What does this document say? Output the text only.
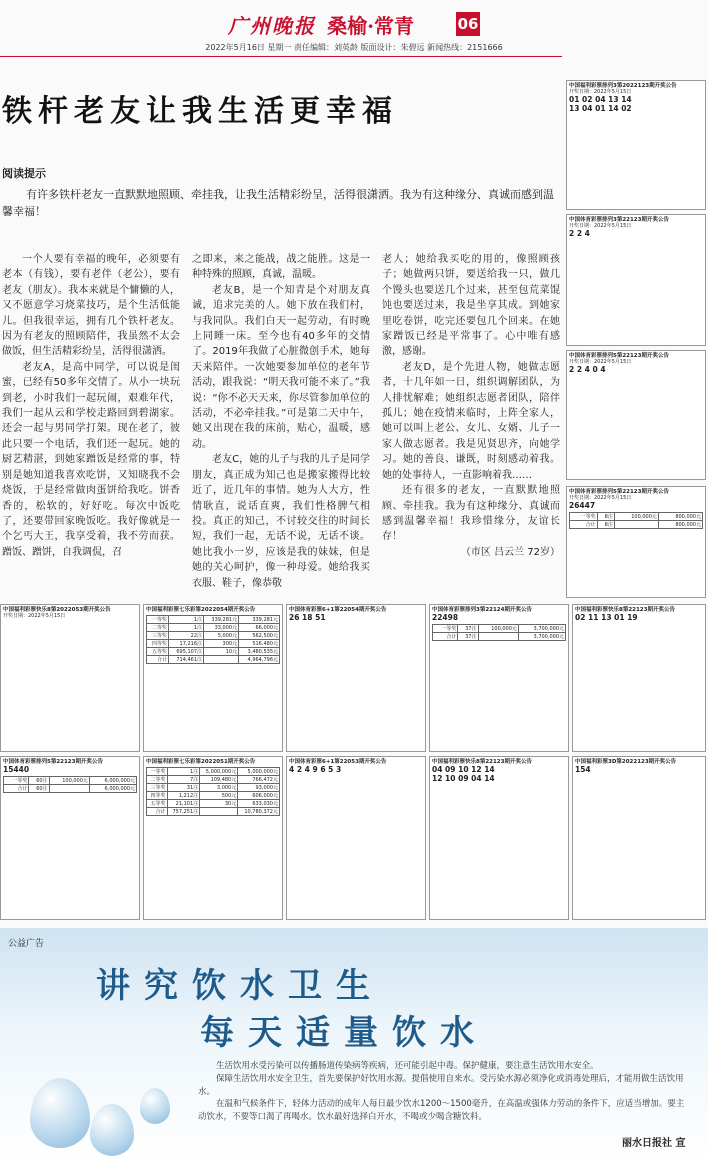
广州晚报 桑榆·常青	06
2022年5月16日 星期一 责任编辑：刘英龄 版面设计：朱碧远 新闻热线：2151666
铁杆老友让我生活更幸福
阅读提示
有许多铁杆老友一直默默地照顾、牵挂我，让我生活精彩纷呈，活得很潇洒。我为有这种缘分、真诚而感到温馨幸福！

一个人要有幸福的晚年，必须要有老本（有钱），要有老伴（老公），要有老友（朋友）。我本来就是个慵懒的人，又不愿意学习烧菜技巧，是个生活低能儿。但我很幸运，拥有几个铁杆老友。因为有老友的照顾陪伴，我虽然不太会做饭，但生活精彩纷呈，活得很潇洒。

老友A，是高中同学，可以说是闺蜜，已经有50多年交情了。从小一块玩到老，小时我们一起玩闹，艰难年代，我们一起从云和学校走路回到碧湖家。还会一起与男同学打架。现在老了，彼此只要一个电话，我们还一起玩。她的厨艺精湛，到她家蹭饭是经常的事，特别是她知道我喜欢吃饼，又知晓我不会烧饭，于是经常做肉蛋饼给我吃。饼香香的，松软的，好好吃。每次中饭吃了，还要带回家晚饭吃。我好像就是一个乞丐大王，我享受着，我不劳而获。蹭饭、蹭饼，自我调侃，召

之即来，来之能战，战之能胜。这是一种特殊的照顾，真诚，温暖。

老友B，是一个知青是个对朋友真诚，追求完美的人。她下放在我们村，与我同队。我们白天一起劳动，有时晚上同睡一床。至今也有40多年的交情了。2019年我做了心脏微创手术，她每天来陪伴。一次她要参加单位的老年节活动，跟我说：“明天我可能不来了。”我说：“你不必天天来，你尽管参加单位的活动，不必牵挂我。”可是第二天中午，她又出现在我的床前，贴心，温暖，感动。

老友C，她的儿子与我的儿子是同学朋友，真正成为知己也是搬家搬得比较近了，近几年的事情。她为人大方，性情耿直，说话直爽，我们性格脾气相投。真正的知己，不讨较交往的时间长短，我们一起，无话不说，无话不谈。她比我小一岁，应该是我的妹妹，但是她的关心呵护，像一种母爱。她给我买衣服、鞋子，像恭敬

老人；她给我买吃的用的，像照顾孩子；她做两只饼，要送给我一只，做几个馒头也要送几个过来，甚至包荒菜馄饨也要送过来，我是坐享其成。到她家里吃卷饼，吃完还要包几个回来。在她家蹭饭已经是平常事了。心中唯有感激，感谢。

老友D，是个先进人物，她做志愿者，十几年如一日，组织调解团队，为人排忧解难；她组织志愿者团队，陪伴孤儿；她在疫情来临时，上阵全家人，她可以叫上老公、女儿、女婿、儿子一家人做志愿者。我是见贤思齐，向她学习。她的善良、谦既，时刻感动着我。她的处事待人，一直影响着我……

还有很多的老友，一直默默地照顾、牵挂我。我为有这种缘分、真诚而感到温馨幸福！我珍惜缘分，友谊长存！

（市区 吕云兰 72岁）

中国福利彩票排列3第2022123期开奖公告
开奖日期：2022年5月15日
01 02 04 13 14
13 04 01 14 02
中国体育彩票排列3第22123期开奖公告
开奖日期：2022年5月15日
2 2 4
中国体育彩票排列5第22123期开奖公告
开奖日期：2022年5月15日
2 2 4 0 4
中国体育彩票排列5第22123期开奖公告
开奖日期：2022年5月15日
26447
一等奖	8注	100,000元	800,000元
合计	8注		800,000元
中国福利彩票快乐8第2022053期开奖公告
开奖日期：2022年5月15日
中国福利彩票七乐彩第2022054期开奖公告
一等奖	1注	339,281元	339,281元
二等奖	1注	33,000元	66,000元
三等奖	22注	5,000元	562,500元
四等奖	17,216注	300元	516,480元
五等奖	695,107注	10元	3,480,535元
合计	714,461注		4,964,796元
中国体育彩票6+1第22054期开奖公告
26 18 51
中国体育彩票排列3第22124期开奖公告
22498
一等奖	37注	100,000元	3,700,000元
合计	37注		3,700,000元
中国福利彩票快乐8第22123期开奖公告
02 11 13 01 19
中国体育彩票排列5第22123期开奖公告
15440
一等奖	60注	100,000元	6,000,000元
合计	60注		6,000,000元
中国福利彩票七乐彩第2022051期开奖公告
一等奖	1注	5,000,000元	5,000,000元
二等奖	7注	109,480元	766,472元
三等奖	31注	3,000元	93,000元
四等奖	1,212注	500元	606,000元
五等奖	21,101注	30元	633,030元
合计	757,251注		10,780,372元
中国体育彩票6+1第22053期开奖公告
4 2 4 9 6 5 3
中国福利彩票快乐8第22123期开奖公告
04 09 10 12 14
12 10 09 04 14
中国福利彩票3D第2022123期开奖公告
154
公益广告
讲究饮水卫生
每天适量饮水

生活饮用水受污染可以传播肠道传染病等疾病，还可能引起中毒。保护健康，要注意生活饮用水安全。

保障生活饮用水安全卫生，首先要保护好饮用水源。提倡使用自来水。受污染水源必须净化或消毒处理后，才能用做生活饮用水。

在温和气候条件下，轻体力活动的成年人每日最少饮水1200～1500毫升，在高温或强体力劳动的条件下，应适当增加。要主动饮水，不要等口渴了再喝水。饮水最好选择白开水，不喝或少喝含糖饮料。

丽水日报社 宣
